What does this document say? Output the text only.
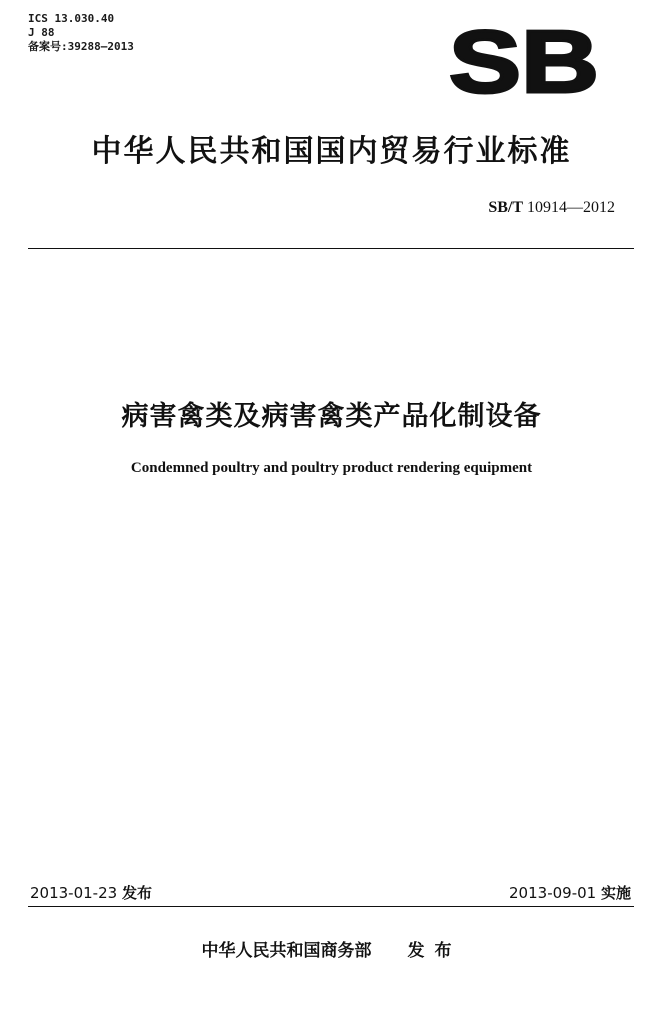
ICS 13.030.40
J 88
备案号:39288—2013	SB
中华人民共和国国内贸易行业标准
SB/T 10914—2012
病害禽类及病害禽类产品化制设备
Condemned poultry and poultry product rendering equipment
2013-01-23 发布	2013-09-01 实施
中华人民共和国商务部 发布
